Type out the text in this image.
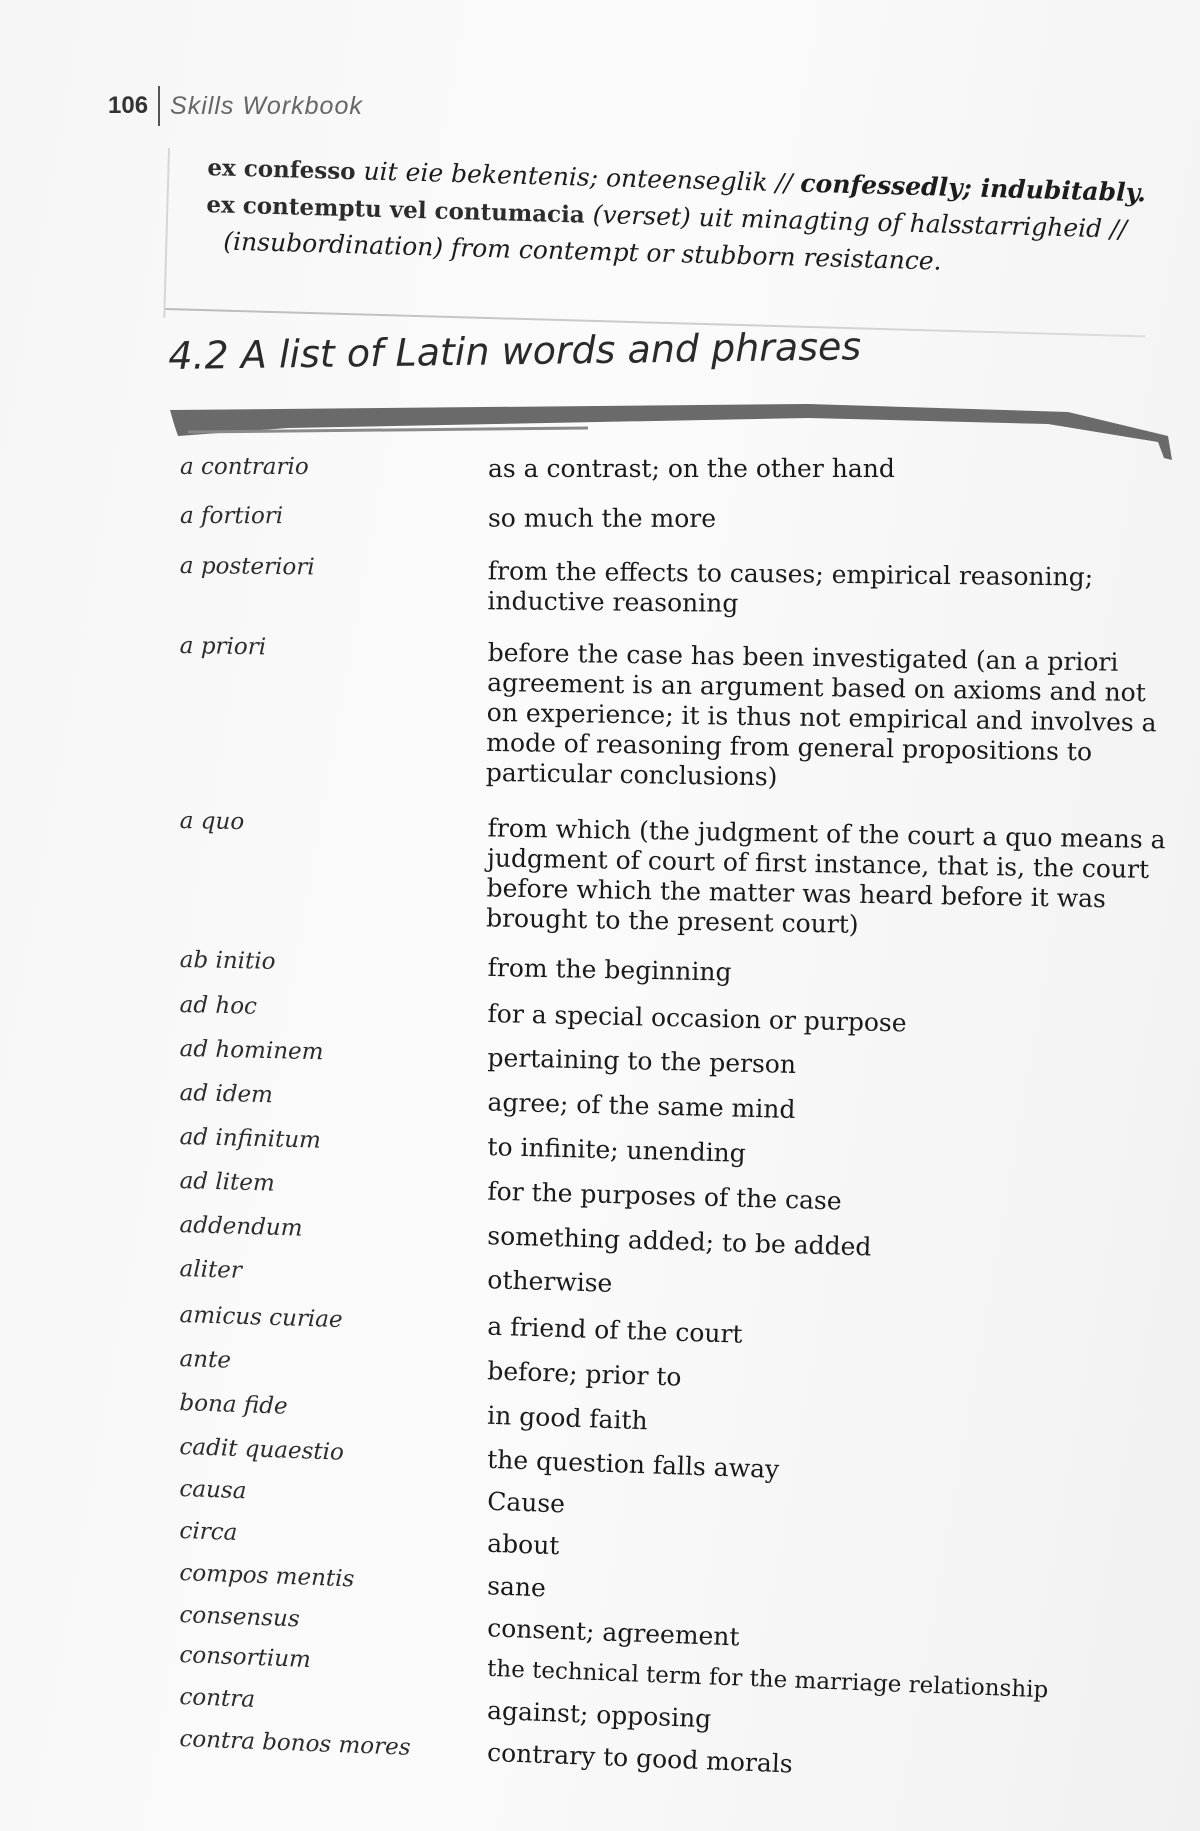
106 Skills Workbook
ex confesso uit eie bekentenis; onteenseglik // confessedly; indubitably.
ex contemptu vel contumacia (verset) uit minagting of halsstarrigheid //
(insubordination) from contempt or stubborn resistance.
4.2 A list of Latin words and phrases
a contrario	as a contrast; on the other hand
a fortiori	so much the more
a posteriori	from the effects to causes; empirical reasoning; inductive reasoning
a priori	before the case has been investigated (an a priori agreement is an argument based on axioms and not on experience; it is thus not empirical and involves a mode of reasoning from general propositions to particular conclusions)
a quo	from which (the judgment of the court a quo means a judgment of court of first instance, that is, the court before which the matter was heard before it was brought to the present court)
ab initio	from the beginning
ad hoc	for a special occasion or purpose
ad hominem	pertaining to the person
ad idem	agree; of the same mind
ad infinitum	to infinite; unending
ad litem	for the purposes of the case
addendum	something added; to be added
aliter	otherwise
amicus curiae	a friend of the court
ante	before; prior to
bona fide	in good faith
cadit quaestio	the question falls away
causa	Cause
circa	about
compos mentis	sane
consensus	consent; agreement
consortium	the technical term for the marriage relationship
contra	against; opposing
contra bonos mores	contrary to good morals
